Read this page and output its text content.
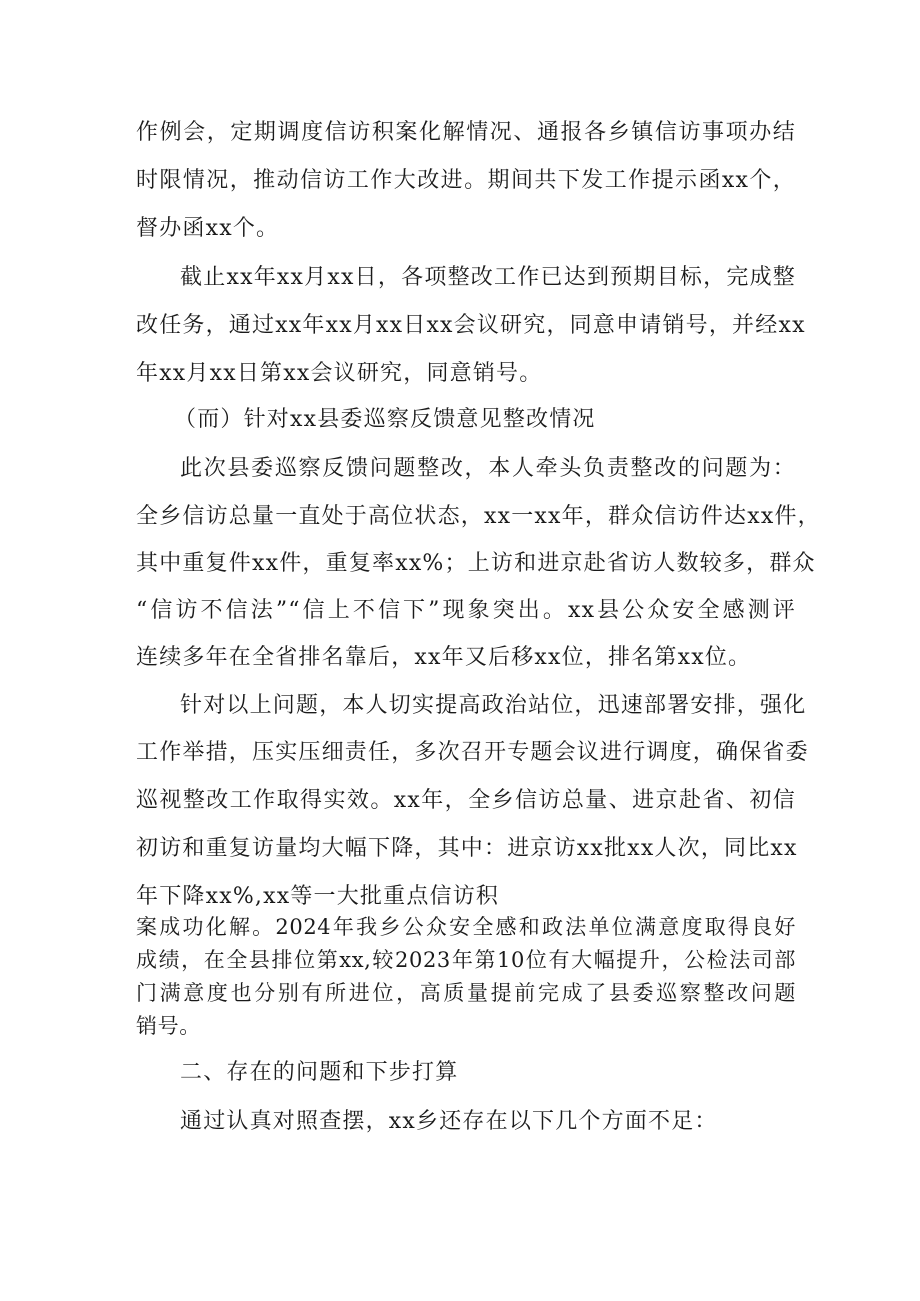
作例会，定期调度信访积案化解情况、通报各乡镇信访事项办结
时限情况，推动信访工作大改进。期间共下发工作提示函xx个，
督办函xx个。
截止xx年xx月xx日，各项整改工作已达到预期目标，完成整
改任务，通过xx年xx月xx日xx会议研究，同意申请销号，并经xx
年xx月xx日第xx会议研究，同意销号。
（而）针对xx县委巡察反馈意见整改情况
此次县委巡察反馈问题整改，本人牵头负责整改的问题为：
全乡信访总量一直处于高位状态，xx一xx年，群众信访件达xx件，
其中重复件xx件，重复率xx%；上访和进京赴省访人数较多，群众
“信访不信法”“信上不信下”现象突出。xx县公众安全感测评
连续多年在全省排名靠后，xx年又后移xx位，排名第xx位。
针对以上问题，本人切实提高政治站位，迅速部署安排，强化
工作举措，压实压细责任，多次召开专题会议进行调度，确保省委
巡视整改工作取得实效。xx年，全乡信访总量、进京赴省、初信
初访和重复访量均大幅下降，其中：进京访xx批xx人次，同比xx
年下降xx%,xx等一大批重点信访积
案成功化解。2024年我乡公众安全感和政法单位满意度取得良好
成绩，在全县排位第xx,较2023年第10位有大幅提升，公检法司部
门满意度也分别有所进位，高质量提前完成了县委巡察整改问题
销号。
二、存在的问题和下步打算
通过认真对照查摆，xx乡还存在以下几个方面不足：
